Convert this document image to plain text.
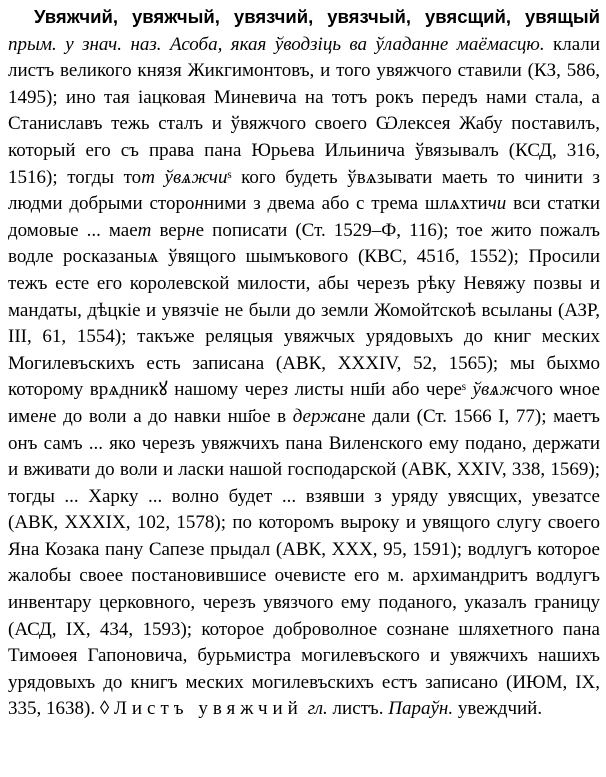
Увяжчий, увяжчый, увязчий, увязчый, увясщий, увящый прым. у знач. наз. Асоба, якая ўводзіць ва ўладанне маёмасцю. клали листъ великого князя Жикгимонтовъ, и того увяжчого ставили (КЗ, 586, 1495); ино тая іацковая Миневича на тотъ рокъ передъ нами стала, а Станиславъ тежь сталъ и ўвяжчого своего Ѡлексея Жабу поставилъ, который его съ права пана Юрьева Ильинича ўвязывалъ (КСД, 316, 1516); тогды тот ўвѧжчиˢ кого будеть ўвѧзывати маеть то чинити з людми добрыми сторонними з двема або с трема шлѧхтичи вси статки домовые ... мает верне пописати (Ст. 1529–Ф, 116); тое жито пожалъ водле росказаныѧ ўвящого шымъковогo (КВС, 451б, 1552); Просили тежъ есте его королевской милости, абы черезъ рѣку Невяжу позвы и мандаты, дѣцкіе и увязчіе не были до земли Жомойтскоѣ всыланы (АЗР, III, 61, 1554); такъже реляцыя увяжчых урядовыхъ до книг меских Могилевъскихъ есть записана (АВК, XXXIV, 52, 1565); мы быхмо которому врѧдникꙋ нашому черeз листы нш҃и або черeˢ ўвѧжчого ѡное имене до воли а до навки нш҃ое в держане дали (Ст. 1566 І, 77); маетъ онъ самъ ... яко черезъ увяжчихъ пана Виленского ему подано, держати и вживати до воли и ласки нашой господарской (АВК, XXIV, 338, 1569); тогды ... Харку ... волно будет ... взявши з уряду увясщих, увезатсе (АВК, XXXIX, 102, 1578); по которомъ выроку и увящого слугу своего Яна Козака пану Сапезе прыдал (АВК, XXX, 95, 1591); водлугъ которое жалобы своее постановившисе очевисте его м. архимандритъ водлугъ инвентару церковного, черезъ увязчого ему поданого, указалъ границу (АСД, IX, 434, 1593); которое доброволное сознане шляхетного пана Тимоѳея Гапоновича, бурьмистра могилевъского и увяжчихъ нашихъ урядовыхъ до книгъ меских могилевъскихъ естъ записано (ИЮМ, IX, 335, 1638). ◊ Листъ увяжчий гл. листъ. Параўн. увеждчий.
